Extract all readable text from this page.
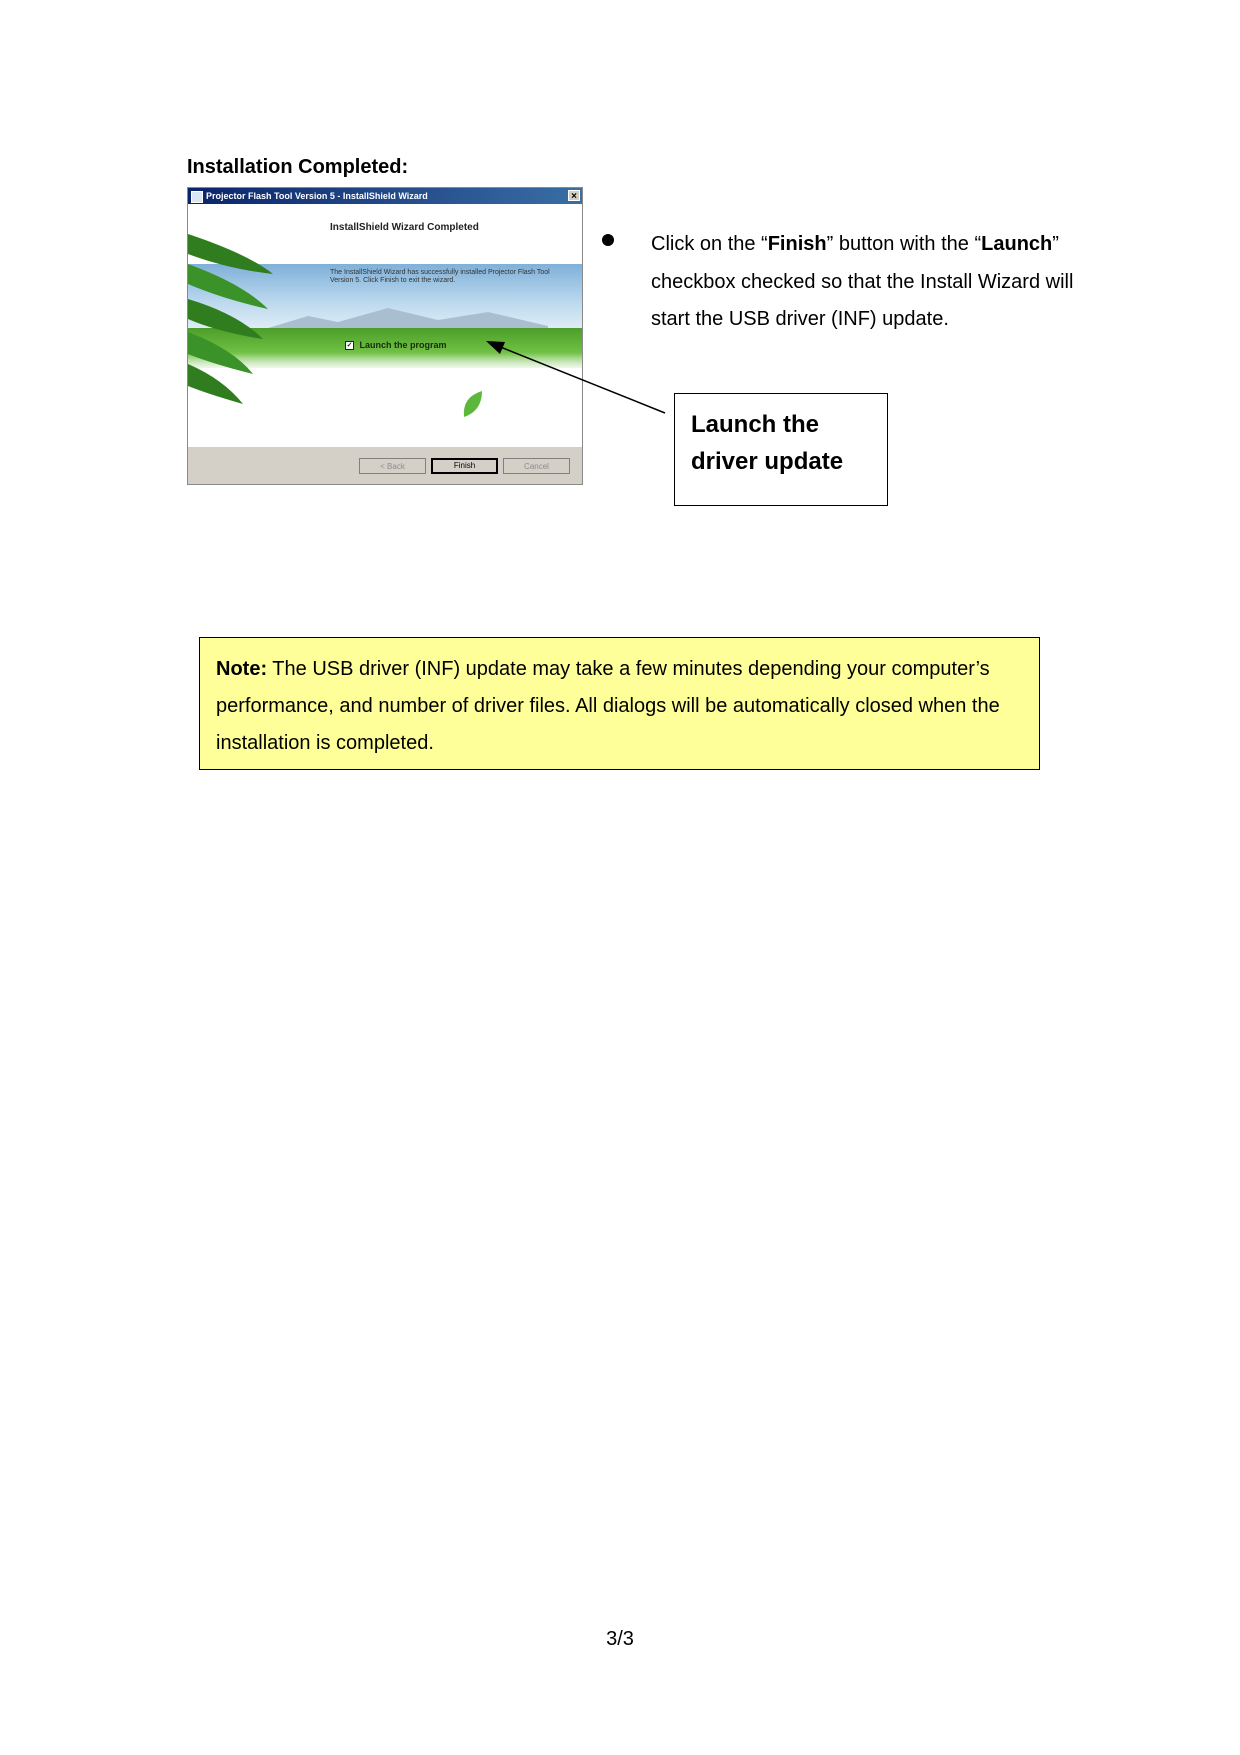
Installation Completed:
Projector Flash Tool Version 5 - InstallShield Wizard	×
InstallShield Wizard Completed
The InstallShield Wizard has successfully installed Projector Flash Tool Version 5. Click Finish to exit the wizard.
✓ Launch the program
< Back	Finish	Cancel
Click on the “Finish” button with the “Launch” checkbox checked so that the Install Wizard will start the USB driver (INF) update.
Launch the
driver update
Note: The USB driver (INF) update may take a few minutes depending your computer’s performance, and number of driver files. All dialogs will be automatically closed when the installation is completed.
3/3
